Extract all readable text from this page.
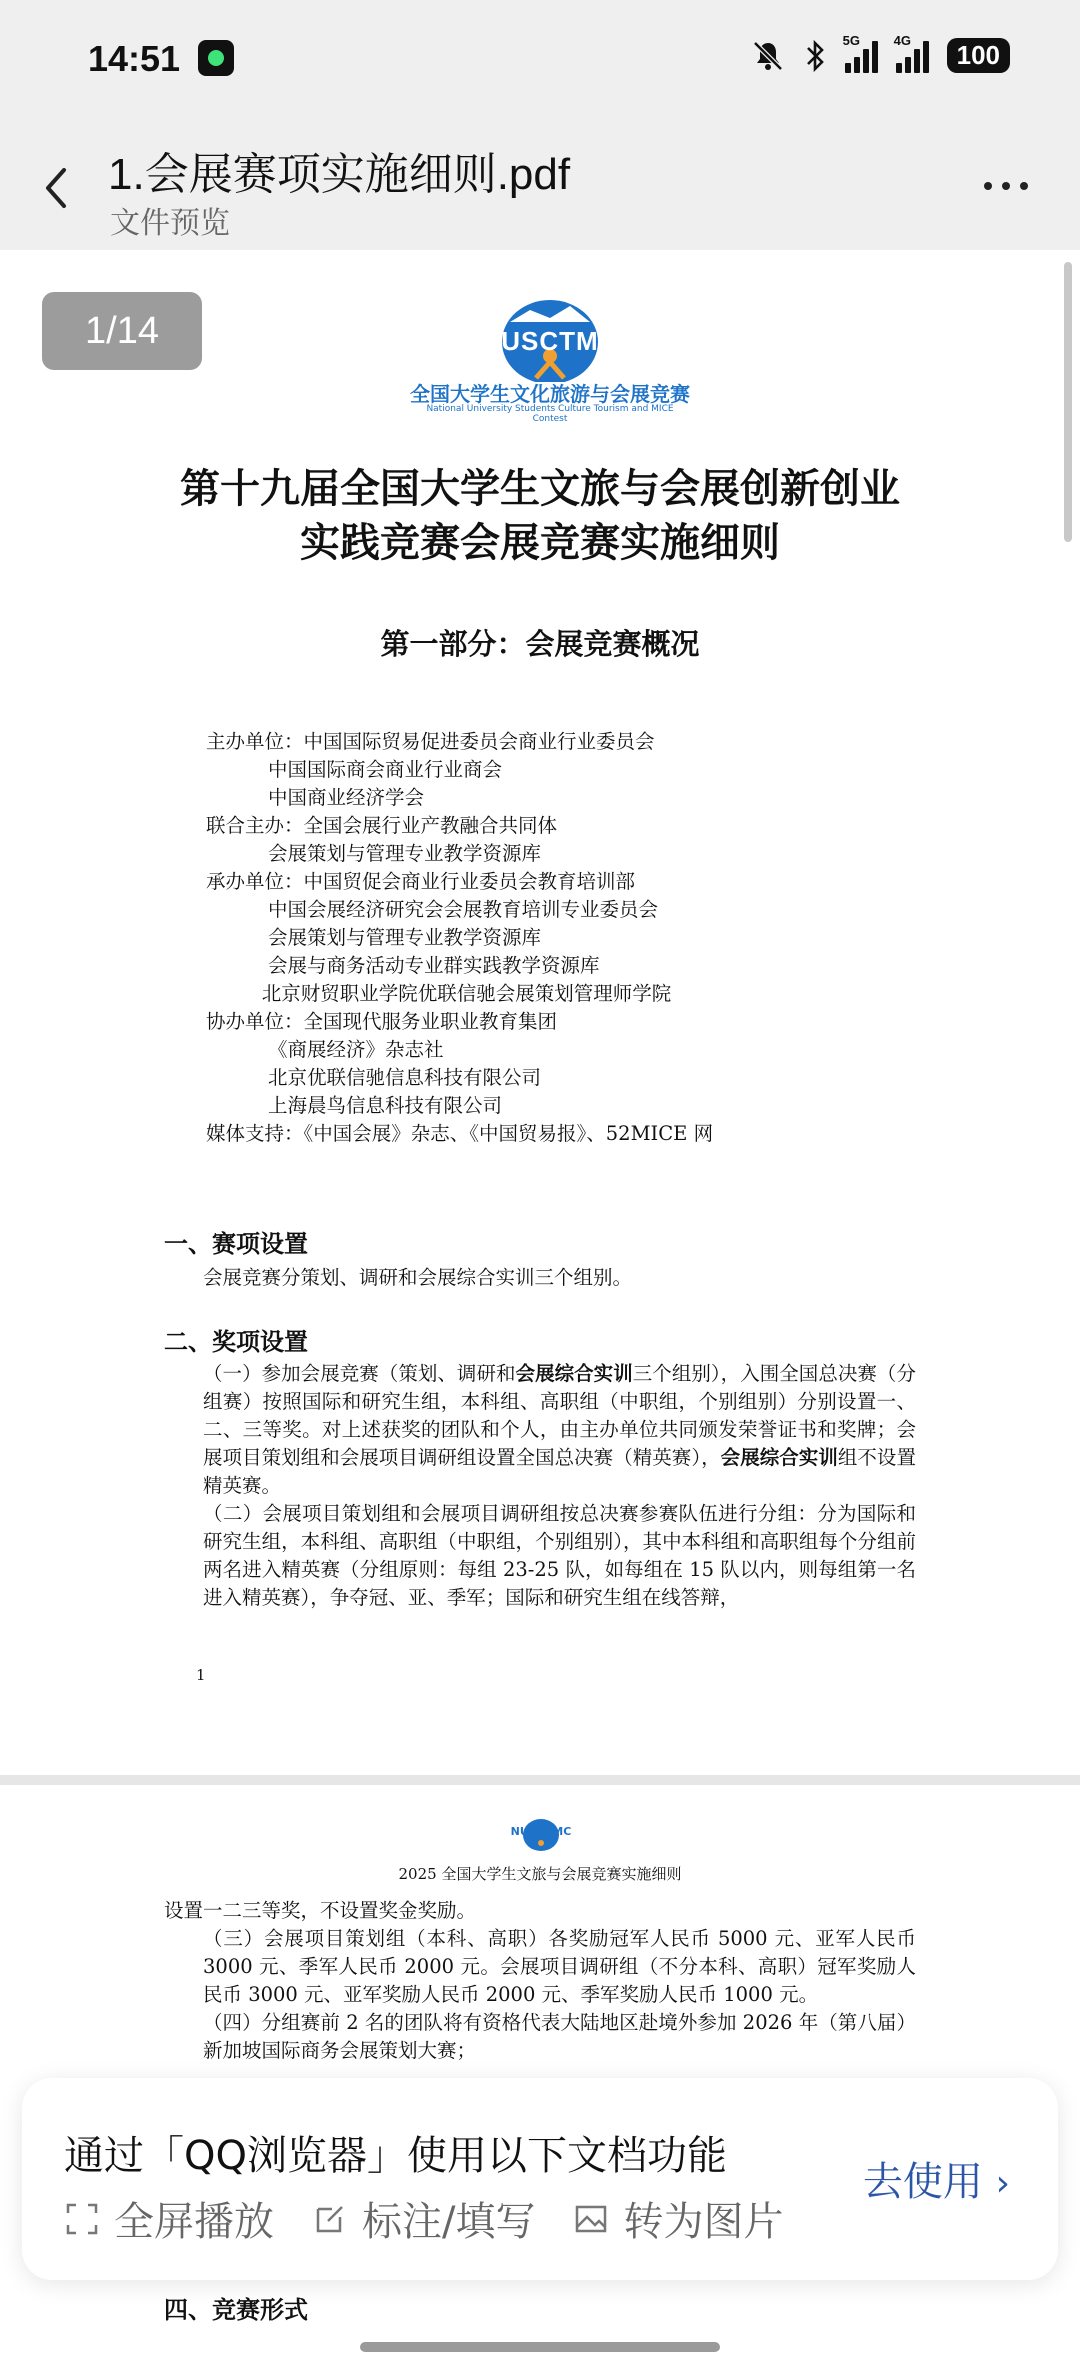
14:51	5G	4G	100
1.会展赛项实施细则.pdf
文件预览
1/14	NUSCTMC
全国大学生文化旅游与会展竞赛
National University Students Culture Tourism and MICE Contest
第十九届全国大学生文旅与会展创新创业
实践竞赛会展竞赛实施细则
第一部分：会展竞赛概况
主办单位：中国国际贸易促进委员会商业行业委员会
中国国际商会商业行业商会
中国商业经济学会
联合主办：全国会展行业产教融合共同体
会展策划与管理专业教学资源库
承办单位：中国贸促会商业行业委员会教育培训部
中国会展经济研究会会展教育培训专业委员会
会展策划与管理专业教学资源库
会展与商务活动专业群实践教学资源库
北京财贸职业学院优联信驰会展策划管理师学院
协办单位：全国现代服务业职业教育集团
《商展经济》杂志社
北京优联信驰信息科技有限公司
上海晨鸟信息科技有限公司
媒体支持：《中国会展》杂志、《中国贸易报》、52MICE 网
一、赛项设置
会展竞赛分策划、调研和会展综合实训三个组别。
二、奖项设置
（一）参加会展竞赛（策划、调研和会展综合实训三个组别），入围全国总决赛（分组赛）按照国际和研究生组，本科组、高职组（中职组，个别组别）分别设置一、二、三等奖。对上述获奖的团队和个人，由主办单位共同颁发荣誉证书和奖牌；会展项目策划组和会展项目调研组设置全国总决赛（精英赛），会展综合实训组不设置精英赛。
（二）会展项目策划组和会展项目调研组按总决赛参赛队伍进行分组：分为国际和研究生组，本科组、高职组（中职组，个别组别），其中本科组和高职组每个分组前两名进入精英赛（分组原则：每组 23-25 队，如每组在 15 队以内，则每组第一名进入精英赛），争夺冠、亚、季军；国际和研究生组在线答辩，
1
NUSCTMC
2025 全国大学生文旅与会展竞赛实施细则
设置一二三等奖，不设置奖金奖励。
（三）会展项目策划组（本科、高职）各奖励冠军人民币 5000 元、亚军人民币 3000 元、季军人民币 2000 元。会展项目调研组（不分本科、高职）冠军奖励人民币 3000 元、亚军奖励人民币 2000 元、季军奖励人民币 1000 元。
（四）分组赛前 2 名的团队将有资格代表大陆地区赴境外参加 2026 年（第八届）新加坡国际商务会展策划大赛；
通过「QQ浏览器」使用以下文档功能
去使用 ›
全屏播放 标注/填写 转为图片
四、竞赛形式
